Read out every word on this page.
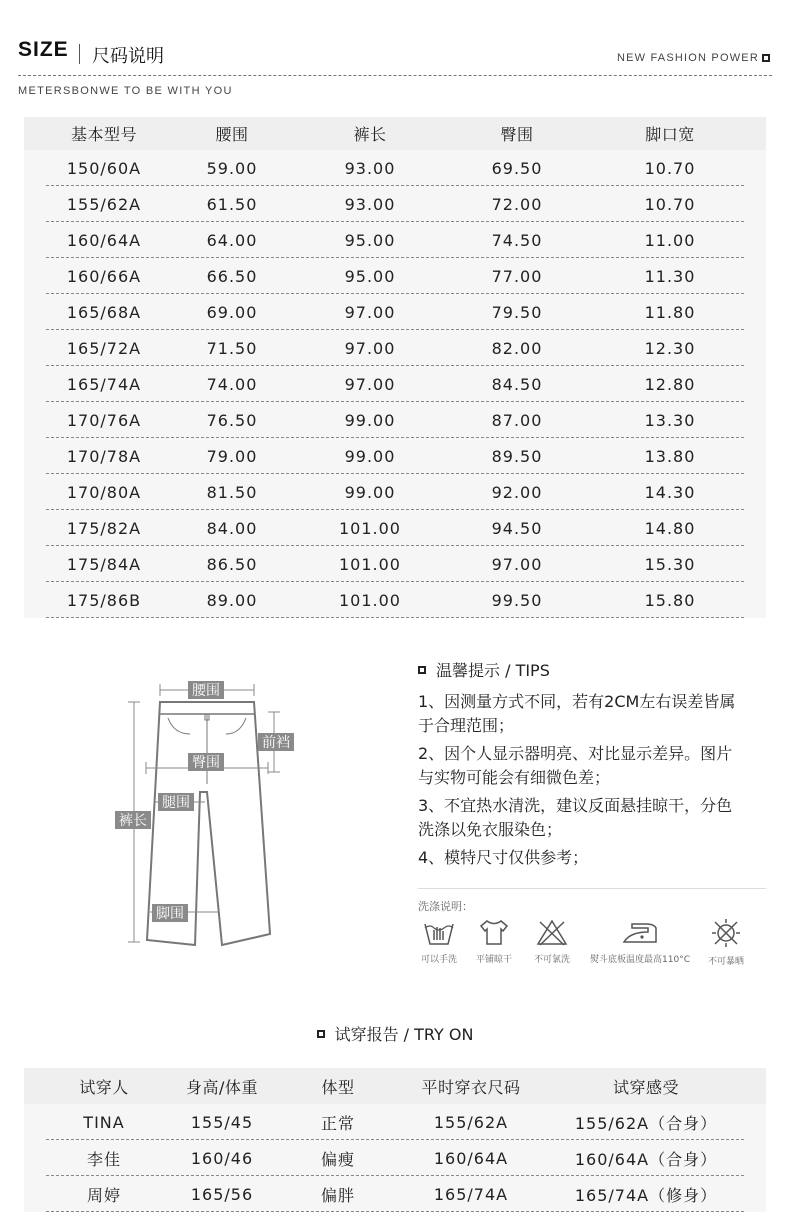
SIZE 尺码说明	NEW FASHION POWER
METERSBONWE TO BE WITH YOU
基本型号	腰围	裤长	臀围	脚口宽
150/60A	59.00	93.00	69.50	10.70
155/62A	61.50	93.00	72.00	10.70
160/64A	64.00	95.00	74.50	11.00
160/66A	66.50	95.00	77.00	11.30
165/68A	69.00	97.00	79.50	11.80
165/72A	71.50	97.00	82.00	12.30
165/74A	74.00	97.00	84.50	12.80
170/76A	76.50	99.00	87.00	13.30
170/78A	79.00	99.00	89.50	13.80
170/80A	81.50	99.00	92.00	14.30
175/82A	84.00	101.00	94.50	14.80
175/84A	86.50	101.00	97.00	15.30
175/86B	89.00	101.00	99.50	15.80
腰围
前裆
臀围
腿围
裤长
脚围
温馨提示 / TIPS

1、因测量方式不同，若有2CM左右误差皆属于合理范围；

2、因个人显示器明亮、对比显示差异。图片与实物可能会有细微色差；

3、不宜热水清洗，建议反面悬挂晾干，分色洗涤以免衣服染色；

4、模特尺寸仅供参考；

洗涤说明：
可以手洗 平铺晾干 不可氯洗 熨斗底板温度最高110°C 不可暴晒
试穿报告 / TRY ON
试穿人	身高/体重	体型	平时穿衣尺码	试穿感受
TINA	155/45	正常	155/62A	155/62A（合身）
李佳	160/46	偏瘦	160/64A	160/64A（合身）
周婷	165/56	偏胖	165/74A	165/74A（修身）
